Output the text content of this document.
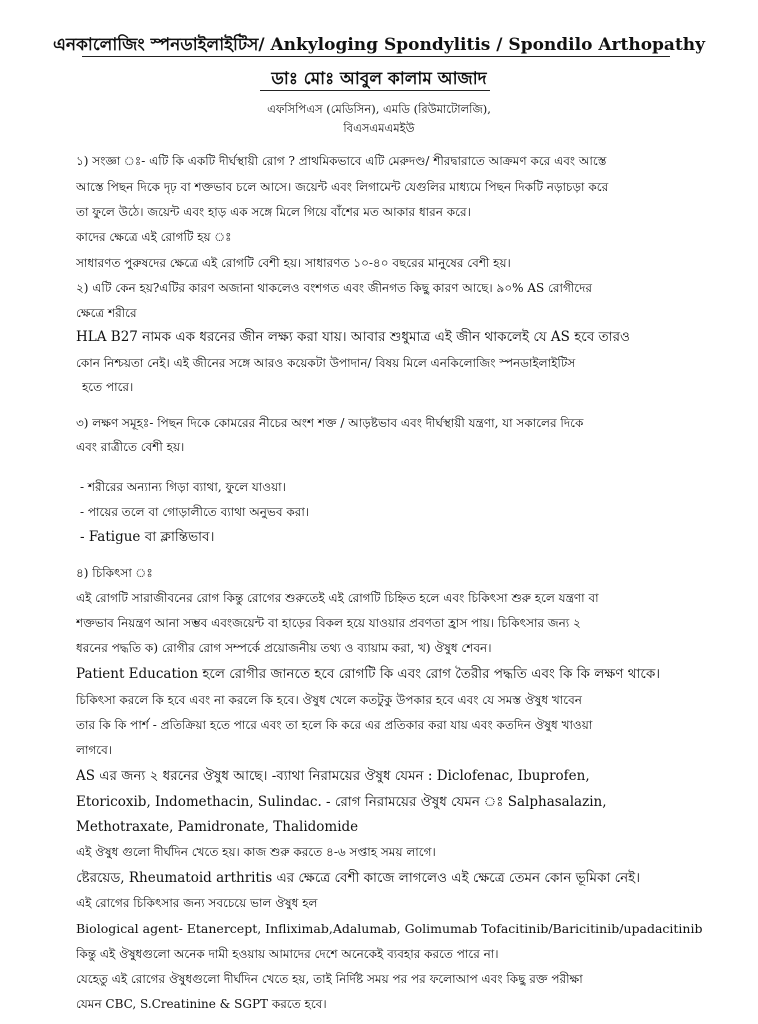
এনকালোজিং স্পনডাইলাইটিস/ Ankyloging Spondylitis / Spondilo Arthopathy
ডাঃ মোঃ আবুল কালাম আজাদ
এফসিপিএস (মেডিসিন), এমডি (রিউমাটোলজি),
বিএসএমএমইউ
১) সংজ্ঞা ঃ- এটি কি একটি দীর্ঘস্থায়ী রোগ ? প্রাথমিকভাবে এটি মেরুদণ্ড/ শীরদ্বারাতে আক্রমণ করে এবং আস্তে
আস্তে পিছন দিকে দৃঢ় বা শক্তভাব চলে আসে। জয়েন্ট এবং লিগামেন্ট যেগুলির মাধ্যমে পিছন দিকটি নড়াচড়া করে
তা ফুলে উঠে। জয়েন্ট এবং হাড় এক সঙ্গে মিলে গিয়ে বাঁশের মত আকার ধারন করে।
কাদের ক্ষেত্রে এই রোগটি হয় ঃ
সাধারণত পুরুষদের ক্ষেত্রে এই রোগটি বেশী হয়। সাধারণত ১০-৪০ বছরের মানুষের বেশী হয়।
২) এটি কেন হয়?এটির কারণ অজানা থাকলেও বংশগত এবং জীনগত কিছু কারণ আছে। ৯০% AS রোগীদের
ক্ষেত্রে শরীরে
HLA B27 নামক এক ধরনের জীন লক্ষ্য করা যায়। আবার শুধুমাত্র এই জীন থাকলেই যে AS হবে তারও
কোন নিশ্চয়তা নেই। এই জীনের সঙ্গে আরও কয়েকটা উপাদান/ বিষয় মিলে এনকিলোজিং স্পনডাইলাইটিস
হতে পারে।
৩) লক্ষণ সমূহঃ- পিছন দিকে কোমরের নীচের অংশ শক্ত / আড়ষ্টভাব এবং দীর্ঘস্থায়ী যন্ত্রণা, যা সকালের দিকে
এবং রাত্রীতে বেশী হয়।
- শরীরের অন্যান্য গিড়া ব্যাথা, ফুলে যাওয়া।
- পায়ের তলে বা গোড়ালীতে ব্যাথা অনুভব করা।
- Fatigue বা ক্লান্তিভাব।
৪) চিকিৎসা ঃ
এই রোগটি সারাজীবনের রোগ কিন্তু রোগের শুরুতেই এই রোগটি চিহ্নিত হলে এবং চিকিৎসা শুরু হলে যন্ত্রণা বা
শক্তভাব নিয়ন্ত্রণ আনা সম্ভব এবংজয়েন্ট বা হাড়ের বিকল হয়ে যাওয়ার প্রবণতা হ্রাস পায়। চিকিৎসার জন্য ২
ধরনের পদ্ধতি ক) রোগীর রোগ সম্পর্কে প্রয়োজনীয় তথ্য ও ব্যায়াম করা, খ) ঔষুধ শেবন।
Patient Education হলে রোগীর জানতে হবে রোগটি কি এবং রোগ তৈরীর পদ্ধতি এবং কি কি লক্ষণ থাকে।
চিকিৎসা করলে কি হবে এবং না করলে কি হবে। ঔষুধ খেলে কতটুকু উপকার হবে এবং যে সমস্ত ঔষুধ খাবেন
তার কি কি পার্শ - প্রতিক্রিয়া হতে পারে এবং তা হলে কি করে এর প্রতিকার করা যায় এবং কতদিন ঔষুধ খাওয়া
লাগবে।
AS এর জন্য ২ ধরনের ঔষুধ আছে। -ব্যাথা নিরাময়ের ঔষুধ যেমন : Diclofenac, Ibuprofen,
Etoricoxib, Indomethacin, Sulindac. - রোগ নিরাময়ের ঔষুধ যেমন ঃ Salphasalazin,
Methotraxate, Pamidronate, Thalidomide
এই ঔষুধ গুলো দীর্ঘদিন খেতে হয়। কাজ শুরু করতে ৪-৬ সপ্তাহ সময় লাগে।
ষ্টেরয়েড, Rheumatoid arthritis এর ক্ষেত্রে বেশী কাজে লাগলেও এই ক্ষেত্রে তেমন কোন ভূমিকা নেই।
এই রোগের চিকিৎসার জন্য সবচেয়ে ভাল ঔষুধ হল
Biological agent- Etanercept, Infliximab,Adalumab, Golimumab Tofacitinib/Baricitinib/upadacitinib
কিন্তু এই ঔষুধগুলো অনেক দামী হওয়ায় আমাদের দেশে অনেকেই ব্যবহার করতে পারে না।
যেহেতু এই রোগের ঔষুধগুলো দীর্ঘদিন খেতে হয়, তাই নির্দিষ্ট সময় পর পর ফলোআপ এবং কিছু রক্ত পরীক্ষা
যেমন CBC, S.Creatinine & SGPT করতে হবে।
